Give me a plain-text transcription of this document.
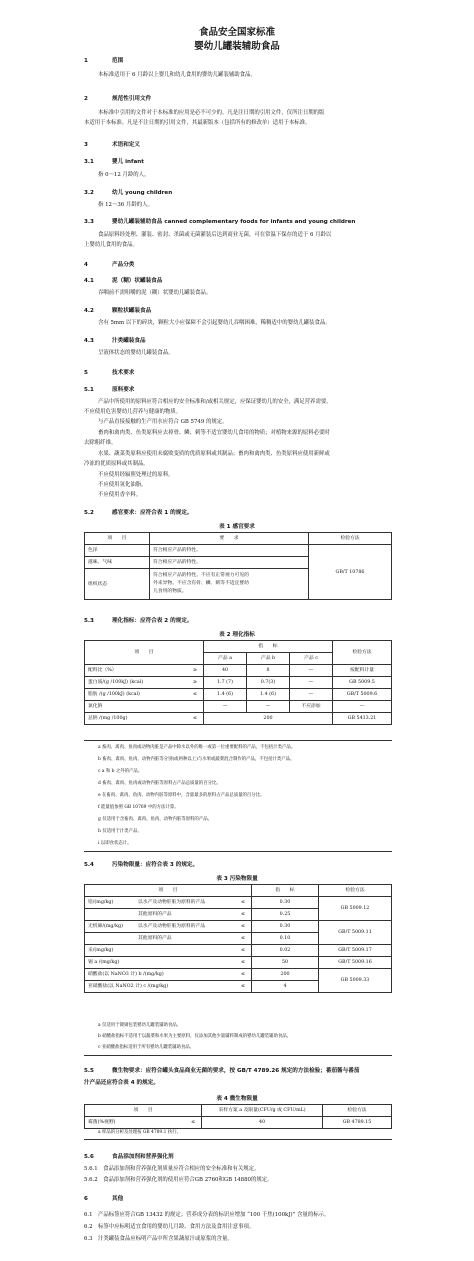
食品安全国家标准
婴幼儿罐装辅助食品
1	范围
本标准适用于 6 月龄以上婴儿和幼儿食用的婴幼儿罐装辅助食品。
2	规范性引用文件
本标准中引用的文件对于本标准的应用是必不可少的。凡是注日期的引用文件，仅所注日期的版
本适用于本标准。凡是不注日期的引用文件，其最新版本（包括所有的修改单）适用于本标准。
3	术语和定义
3.1	婴儿 infant
指 0～12 月龄的人。
3.2	幼儿 young children
指 12～36 月龄的人。
3.3	婴幼儿罐装辅助食品 canned complementary foods for infants and young children
食品原料经处理、灌装、密封、杀菌或无菌灌装后达到商业无菌，可在常温下保存的适于 6 月龄以
上婴幼儿食用的食品。
4	产品分类
4.1	泥（糊）状罐装食品
吞咽前不需咀嚼的泥（糊）状婴幼儿罐装食品。
4.2	颗粒状罐装食品
含有 5mm 以下的碎块，颗粒大小应保障不会引起婴幼儿吞咽困难，稀稠适中的婴幼儿罐装食品。
4.3	汁类罐装食品
呈液体状态的婴幼儿罐装食品。
5	技术要求
5.1	原料要求
产品中所使用的原料应符合相应的安全标准和/或相关规定，应保证婴幼儿的安全，满足营养需要。
不应使用危害婴幼儿营养与健康的物质。
与产品直接接触的生产用水应符合 GB 5749 的规定。
畜肉和禽肉类、鱼类原料应去掉骨、鳞、刺等不适宜婴幼儿食用的物质；对植物来源的原料必要时
去除粗纤维。
水果、蔬菜类原料应使用未腐败变质的优质原料或其制品；畜肉和禽肉类、鱼类原料应使用新鲜或
冷冻的优质原料或其制品。
不应使用经辐照处理过的原料。
不应使用氢化油脂。
不应使用香辛料。
5.2	感官要求：应符合表 1 的规定。
表 1 感官要求
项　　目	要　　求	检验方法
色泽	符合相应产品的特性。	GB/T 10786
滋味、气味	符合相应产品的特性。	
组织状态	符合相应产品的特性。不应有正常视力可见的
外来异物。不应含有骨、鳞、刺等不适宜婴幼
儿食用的物质。	
5.3	理化指标：应符合表 2 的规定。
表 2 理化指标
项　　目		指　　标			检验方法
		产品 a	产品 b	产品 c	
配料比（%）	≥	40	8	—	按配料计量
蛋白质/(g /100kJ) (kcal)	≥	1.7 (7)	0.7(3)	—	GB 5009.5
脂肪 /(g /100kJ) (kcal)	≤	1.4 (6)	1.4 (6)	—	GB/T 5009.6
氯化钠		—	—	不应添加	—
总钠 /(mg /100g)	≤	200			GB 5413.21
a 畜肉、禽肉、鱼肉或动物肉脏是产品中除水以外的唯一或第一位重要配料的产品，不包括汁类产品。
b 畜肉、禽肉、鱼肉、动物内脏等分别(或两种以上)与水果或蔬菜混合制作的产品，不包括汁类产品。
c a 和 b 之外的产品。
d 畜肉、禽肉、鱼肉或动物内脏等原料占产品总质量的百分比。
e 在畜肉、禽肉、鱼肉、动物内脏等原料中，含量最多的原料占产品总质量的百分比。
f 能量值参照 GB 10769 中的方法计算。
g 仅适用于含畜肉、禽肉、鱼肉、动物内脏等原料的产品。
h 仅适用于汁类产品。
i 以即食状态计。
5.4	污染物限量：应符合表 3 的规定。
表 3 污染物限量
项　　目			指　　标	检验方法
铅/(mg/kg)	以水产及动物肝脏为原料的产品	≤	0.30	GB 5009.12
	其他原料的产品	≤	0.25	
无机砷/(mg/kg)	以水产及动物肝脏为原料的产品	≤	0.30	GB/T 5009.11
	其他原料的产品	≤	0.10	
汞/(mg/kg)		≤	0.02	GB/T 5009.17
锡 a /(mg/kg)		≤	50	GB/T 5009.16
硝酸盐(以 NaNO3 计) b /(mg/kg)		≤	200	GB 5009.33
亚硝酸盐(以 NaNO2 计) c /(mg/kg)		≤	4	
a 仅适用于镀锡包装婴幼儿罐装辅助食品。
b 硝酸盐指标不适用于以蔬菜和水果为主要原料、仅添加其他少量辅料制成的婴幼儿罐装辅助食品。
c 亚硝酸盐指标适用于所有婴幼儿罐装辅助食品。
5.5	微生物要求：应符合罐头食品商业无菌的要求，按 GB/T 4789.26 规定的方法检验；番茄酱与番茄
汁产品还应符合表 4 的规定。
表 4 微生物限量
项　　目		采样方案 a 及限量(CFU/g 或 CFU/mL)	检验方法
霉菌(%视野)	≤	40	GB 4789.15
a 样品的分析及处理按 GB 4789.1 执行。
5.6	食品添加剂和营养强化剂
5.6.1　食品添加剂和营养强化剂质量应符合相应的安全标准和有关规定。
5.6.2　食品添加剂和营养强化剂的使用应符合GB 2760和GB 14880的规定。
6	其他
6.1　产品标签应符合GB 13432 的规定；营养成分表的标识应增加 “100 千焦(100kJ)” 含量的标示。
6.2　标签中应标明适宜食用的婴幼儿月龄、食用方法及食用注意事项。
6.3　汁类罐装食品应标明产品中所含果蔬原汁或原浆的含量。
